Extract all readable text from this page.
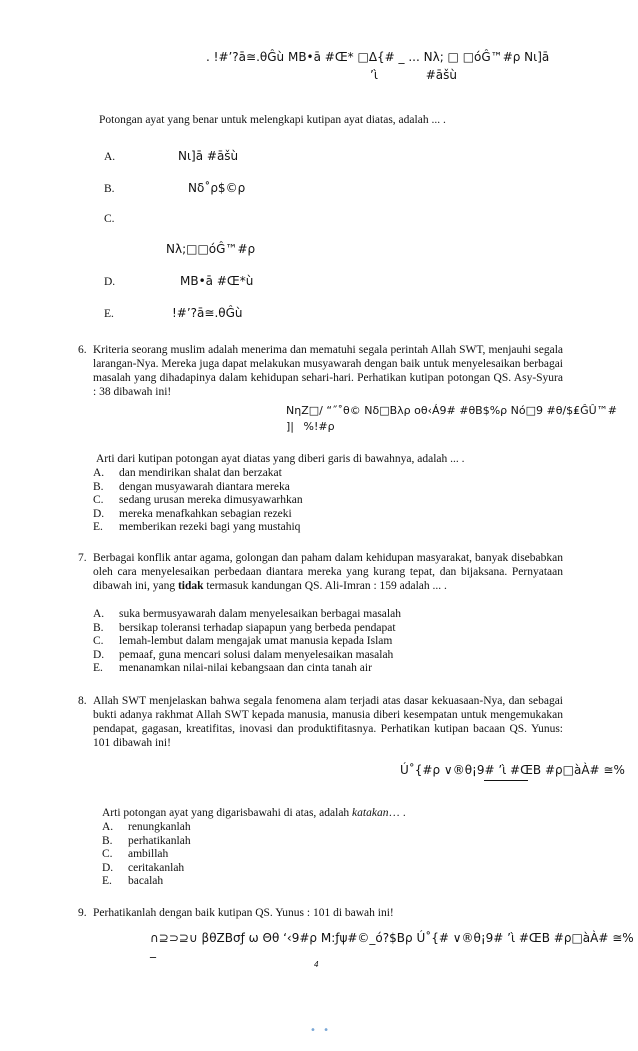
. !#’?ā≅.θĜù MB•ā #Œ* □Δ{# _ ... Nλ; □ □óĜ™#ρ Nι]ā
’ὶ #āšù
Potongan ayat yang benar untuk melengkapi kutipan ayat diatas, adalah ... .
A.	Nι]ā #āšù
B.	Nδ˚ρ$©ρ
C.
Nλ;□□óĜ™#ρ
D.	MB•ā #Œ*ù
E.	!#’?ā≅.θĜù
6. Kriteria seorang muslim adalah menerima dan mematuhi segala perintah Allah SWT, menjauhi segala larangan-Nya. Mereka juga dapat melakukan musyawarah dengan baik untuk menyelesaikan berbagai masalah yang dihadapinya dalam kehidupan sehari-hari. Perhatikan kutipan potongan QS. Asy-Syura : 38 dibawah ini!
NηZ□/ “˝˚θ© Nδ□Bλρ oθ‹Á9# #θB$%ρ Nó□9 #θ/$₤ĜÛ™#
]| %!#ρ
Arti dari kutipan potongan ayat diatas yang diberi garis di bawahnya, adalah ... .
A.	dan mendirikan shalat dan berzakat
B.	dengan musyawarah diantara mereka
C.	sedang urusan mereka dimusyawarhkan
D.	mereka menafkahkan sebagian rezeki
E.	memberikan rezeki bagi yang mustahiq
7. Berbagai konflik antar agama, golongan dan paham dalam kehidupan masyarakat, banyak disebabkan oleh cara menyelesaikan perbedaan diantara mereka yang kurang tepat, dan bijaksana. Pernyataan dibawah ini, yang tidak termasuk kandungan QS. Ali-Imran : 159 adalah ... .
A.	suka bermusyawarah dalam menyelesaikan berbagai masalah
B.	bersikap toleransi terhadap siapapun yang berbeda pendapat
C.	lemah-lembut dalam mengajak umat manusia kepada Islam
D.	pemaaf, guna mencari solusi dalam menyelesaikan masalah
E.	menanamkan nilai-nilai kebangsaan dan cinta tanah air
8. Allah SWT menjelaskan bahwa segala fenomena alam terjadi atas dasar kekuasaan-Nya, dan sebagai bukti adanya rakhmat Allah SWT kepada manusia, manusia diberi kesempatan untuk mengemukakan pendapat, gagasan, kreatifitas, inovasi dan produktifitasnya. Perhatikan kutipan bacaan QS. Yunus: 101 dibawah ini!
Ú˚{#ρ ∨®θ¡9# ’ὶ #ŒB #ρ□àÀ# ≅%
Arti potongan ayat yang digarisbawahi di atas, adalah katakan… .
A.	renungkanlah
B.	perhatikanlah
C.	ambillah
D.	ceritakanlah
E.	bacalah
9. Perhatikanlah dengan baik kutipan QS. Yunus : 101 di bawah ini!
∩⊇⊃⊇∪ βθZBσƒ ω Θθ ‘‹9#ρ M:ƒψ#©_ó?$Bρ Ú˚{# ∨®θ¡9# ’ὶ #ŒB #ρ□àÀ# ≅%
_
4
• •
